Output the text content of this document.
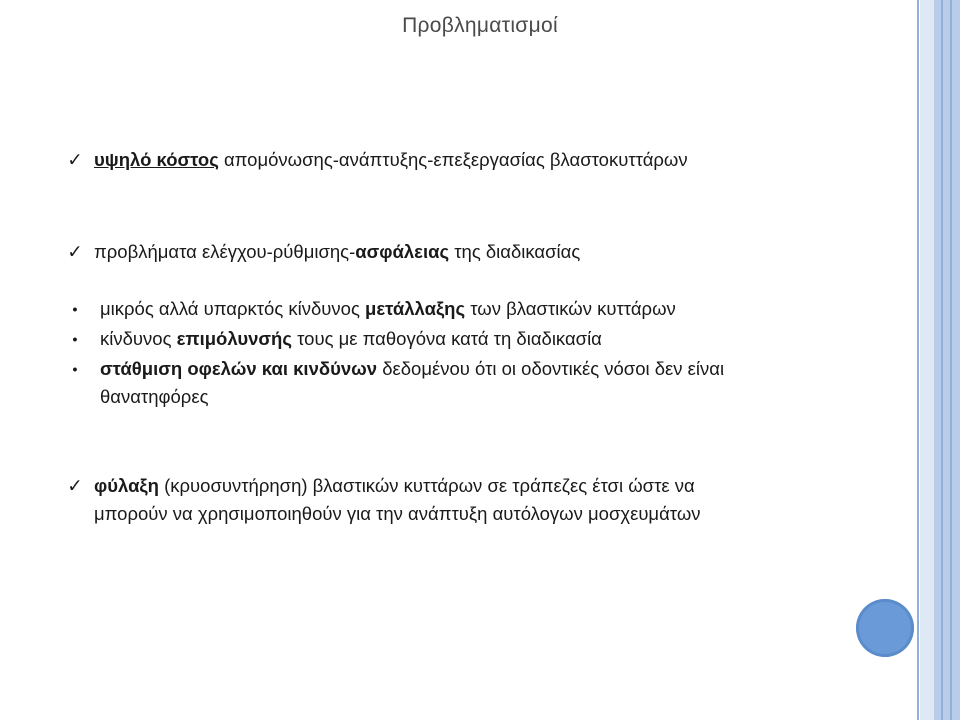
Προβληματισμοί
✓ υψηλό κόστος απομόνωσης-ανάπτυξης-επεξεργασίας βλαστοκυττάρων
✓ προβλήματα ελέγχου-ρύθμισης-ασφάλειας της διαδικασίας
•	μικρός αλλά υπαρκτός κίνδυνος μετάλλαξης των βλαστικών κυττάρων
•	κίνδυνος επιμόλυνσής τους με παθογόνα κατά τη διαδικασία
•	στάθμιση οφελών και κινδύνων δεδομένου ότι οι οδοντικές νόσοι δεν είναι
θανατηφόρες
✓ φύλαξη (κρυοσυντήρηση) βλαστικών κυττάρων σε τράπεζες έτσι ώστε να
μπορούν να χρησιμοποιηθούν για την ανάπτυξη αυτόλογων μοσχευμάτων
